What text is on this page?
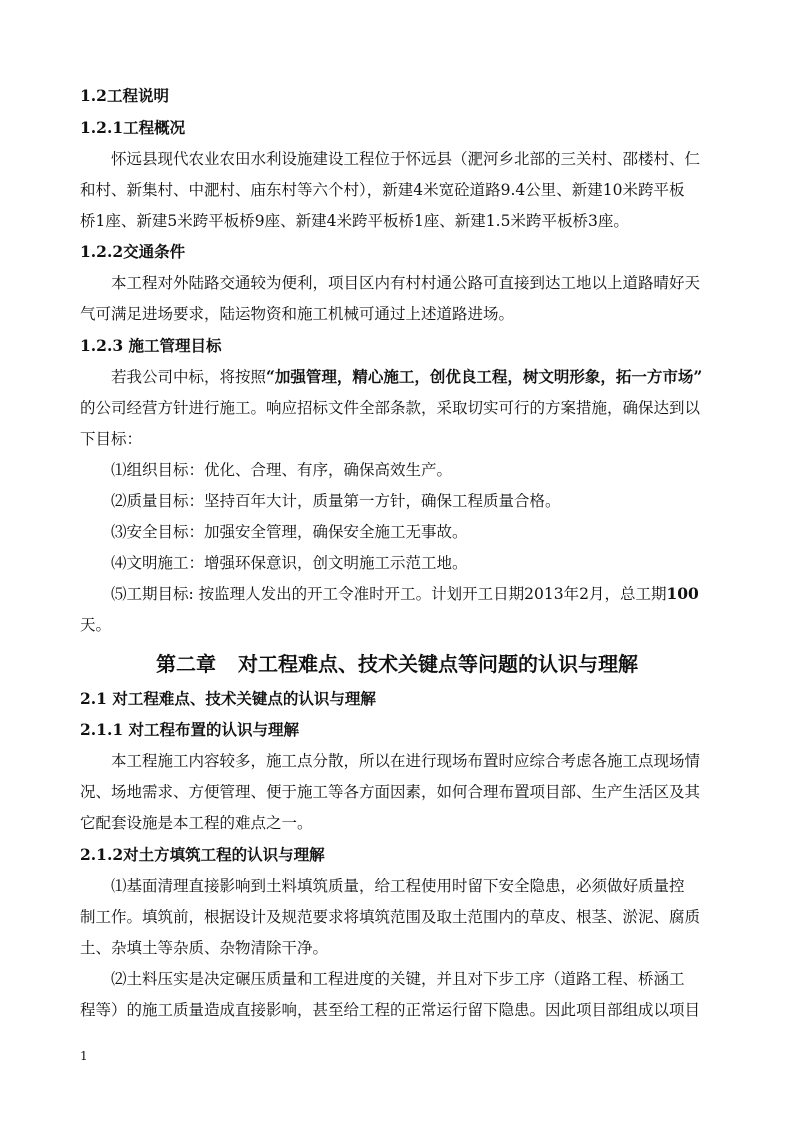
1.2工程说明
1.2.1工程概况
怀远县现代农业农田水利设施建设工程位于怀远县（淝河乡北部的三关村、邵楼村、仁
和村、新集村、中淝村、庙东村等六个村），新建4米宽砼道路9.4公里、新建10米跨平板
桥1座、新建5米跨平板桥9座、新建4米跨平板桥1座、新建1.5米跨平板桥3座。
1.2.2交通条件
本工程对外陆路交通较为便利，项目区内有村村通公路可直接到达工地以上道路晴好天
气可满足进场要求，陆运物资和施工机械可通过上述道路进场。
1.2.3 施工管理目标
若我公司中标，将按照“加强管理，精心施工，创优良工程，树文明形象，拓一方市场”
的公司经营方针进行施工。响应招标文件全部条款，采取切实可行的方案措施，确保达到以
下目标：
⑴组织目标：优化、合理、有序，确保高效生产。
⑵质量目标：坚持百年大计，质量第一方针，确保工程质量合格。
⑶安全目标：加强安全管理，确保安全施工无事故。
⑷文明施工：增强环保意识，创文明施工示范工地。
⑸工期目标: 按监理人发出的开工令准时开工。计划开工日期2013年2月，总工期100
天。
第二章 对工程难点、技术关键点等问题的认识与理解
2.1 对工程难点、技术关键点的认识与理解
2.1.1 对工程布置的认识与理解
本工程施工内容较多，施工点分散，所以在进行现场布置时应综合考虑各施工点现场情
况、场地需求、方便管理、便于施工等各方面因素，如何合理布置项目部、生产生活区及其
它配套设施是本工程的难点之一。
2.1.2对土方填筑工程的认识与理解
⑴基面清理直接影响到土料填筑质量，给工程使用时留下安全隐患，必须做好质量控
制工作。填筑前，根据设计及规范要求将填筑范围及取土范围内的草皮、根茎、淤泥、腐质
土、杂填土等杂质、杂物清除干净。
⑵土料压实是决定碾压质量和工程进度的关键，并且对下步工序（道路工程、桥涵工
程等）的施工质量造成直接影响，甚至给工程的正常运行留下隐患。因此项目部组成以项目
1
